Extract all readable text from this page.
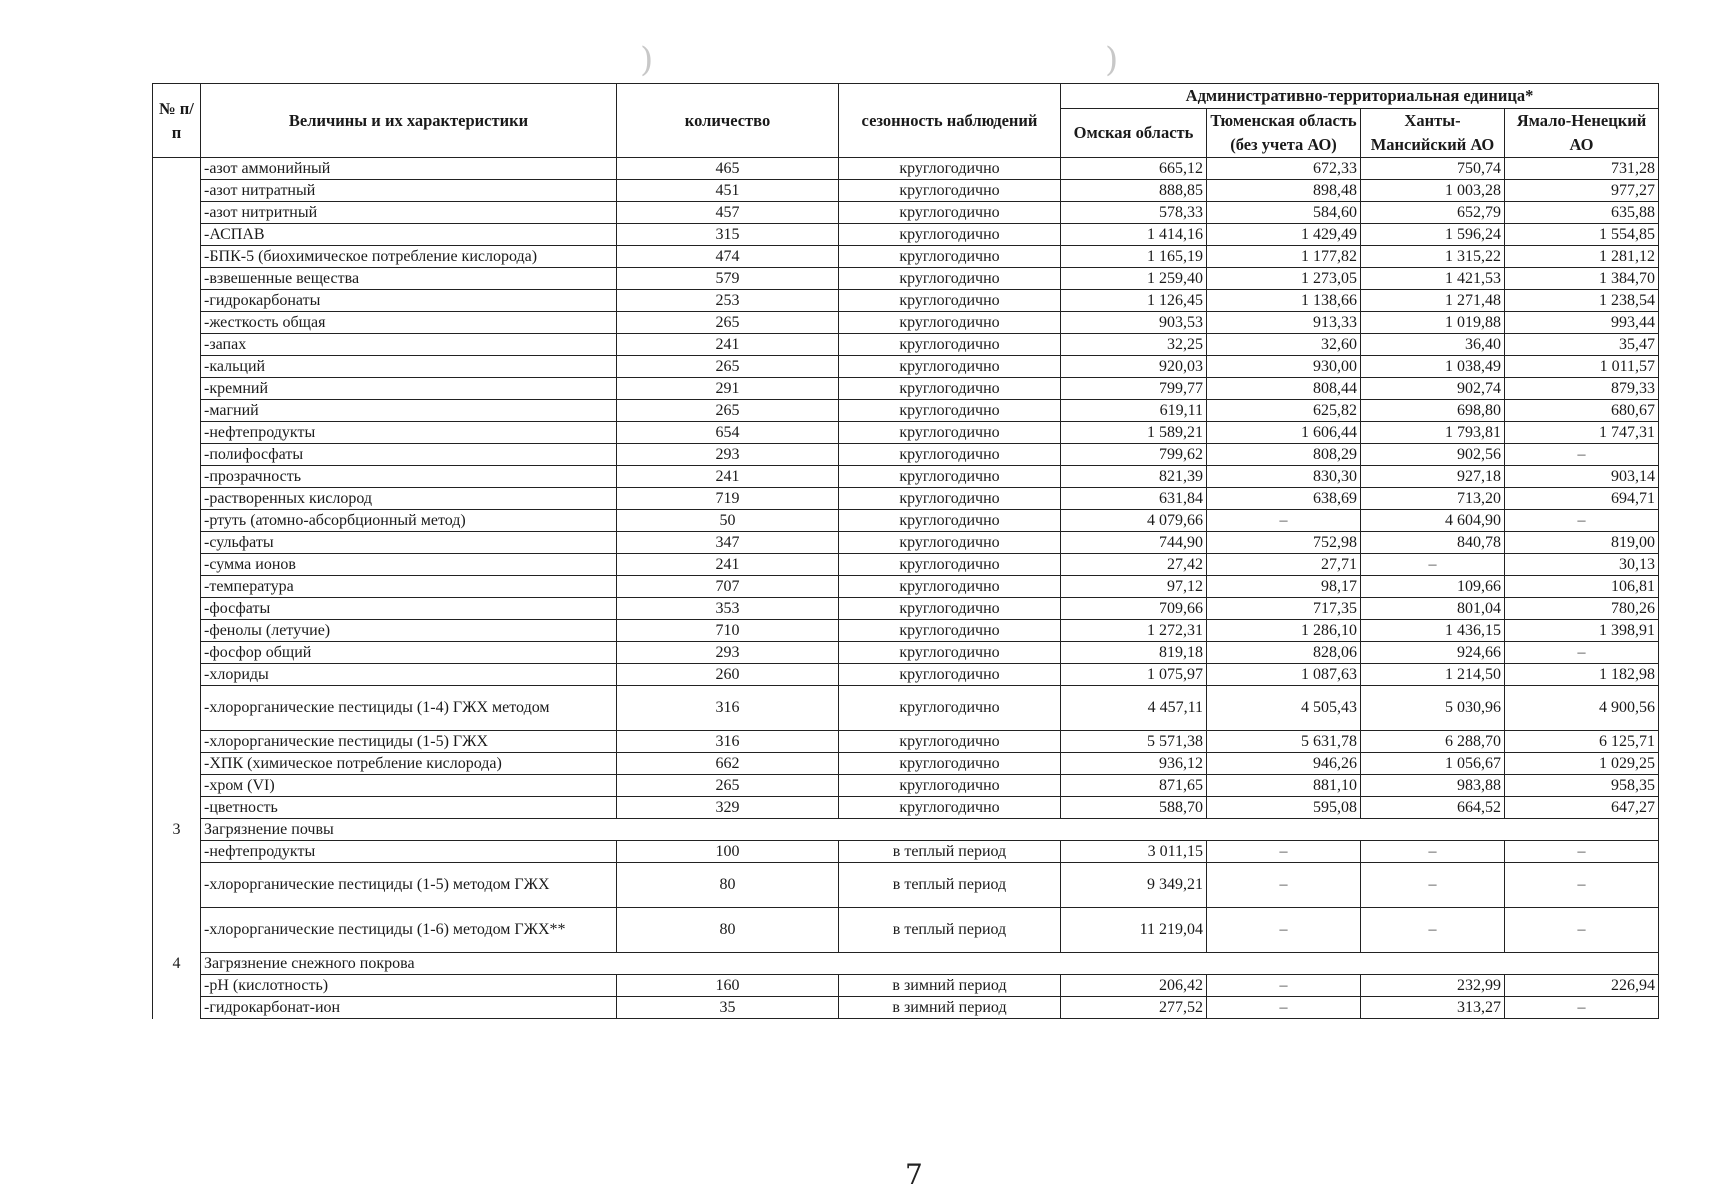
)	)
№ п/п	Величины и их характеристики	количество	сезонность наблюдений	Административно-территориальная единица*			
				Омская область	Тюменская область (без учета АО)	Ханты-Мансийский АО	Ямало-Ненецкий АО
	-азот аммонийный	465	круглогодично	665,12	672,33	750,74	731,28
	-азот нитратный	451	круглогодично	888,85	898,48	1 003,28	977,27
	-азот нитритный	457	круглогодично	578,33	584,60	652,79	635,88
	-АСПАВ	315	круглогодично	1 414,16	1 429,49	1 596,24	1 554,85
	-БПК-5 (биохимическое потребление кислорода)	474	круглогодично	1 165,19	1 177,82	1 315,22	1 281,12
	-взвешенные вещества	579	круглогодично	1 259,40	1 273,05	1 421,53	1 384,70
	-гидрокарбонаты	253	круглогодично	1 126,45	1 138,66	1 271,48	1 238,54
	-жесткость общая	265	круглогодично	903,53	913,33	1 019,88	993,44
	-запах	241	круглогодично	32,25	32,60	36,40	35,47
	-кальций	265	круглогодично	920,03	930,00	1 038,49	1 011,57
	-кремний	291	круглогодично	799,77	808,44	902,74	879,33
	-магний	265	круглогодично	619,11	625,82	698,80	680,67
	-нефтепродукты	654	круглогодично	1 589,21	1 606,44	1 793,81	1 747,31
	-полифосфаты	293	круглогодично	799,62	808,29	902,56	–
	-прозрачность	241	круглогодично	821,39	830,30	927,18	903,14
	-растворенных кислород	719	круглогодично	631,84	638,69	713,20	694,71
	-ртуть (атомно-абсорбционный метод)	50	круглогодично	4 079,66	–	4 604,90	–
	-сульфаты	347	круглогодично	744,90	752,98	840,78	819,00
	-сумма ионов	241	круглогодично	27,42	27,71	–	30,13
	-температура	707	круглогодично	97,12	98,17	109,66	106,81
	-фосфаты	353	круглогодично	709,66	717,35	801,04	780,26
	-фенолы (летучие)	710	круглогодично	1 272,31	1 286,10	1 436,15	1 398,91
	-фосфор общий	293	круглогодично	819,18	828,06	924,66	–
	-хлориды	260	круглогодично	1 075,97	1 087,63	1 214,50	1 182,98
	-хлорорганические пестициды (1-4) ГЖХ методом	316	круглогодично	4 457,11	4 505,43	5 030,96	4 900,56
	-хлорорганические пестициды (1-5) ГЖХ	316	круглогодично	5 571,38	5 631,78	6 288,70	6 125,71
	-ХПК (химическое потребление кислорода)	662	круглогодично	936,12	946,26	1 056,67	1 029,25
	-хром (VI)	265	круглогодично	871,65	881,10	983,88	958,35
	-цветность	329	круглогодично	588,70	595,08	664,52	647,27
3	Загрязнение почвы						
	-нефтепродукты	100	в теплый период	3 011,15	–	–	–
	-хлорорганические пестициды (1-5) методом ГЖХ	80	в теплый период	9 349,21	–	–	–
	-хлорорганические пестициды (1-6) методом ГЖХ**	80	в теплый период	11 219,04	–	–	–
4	Загрязнение снежного покрова						
	-pH (кислотность)	160	в зимний период	206,42	–	232,99	226,94
	-гидрокарбонат-ион	35	в зимний период	277,52	–	313,27	–
7
